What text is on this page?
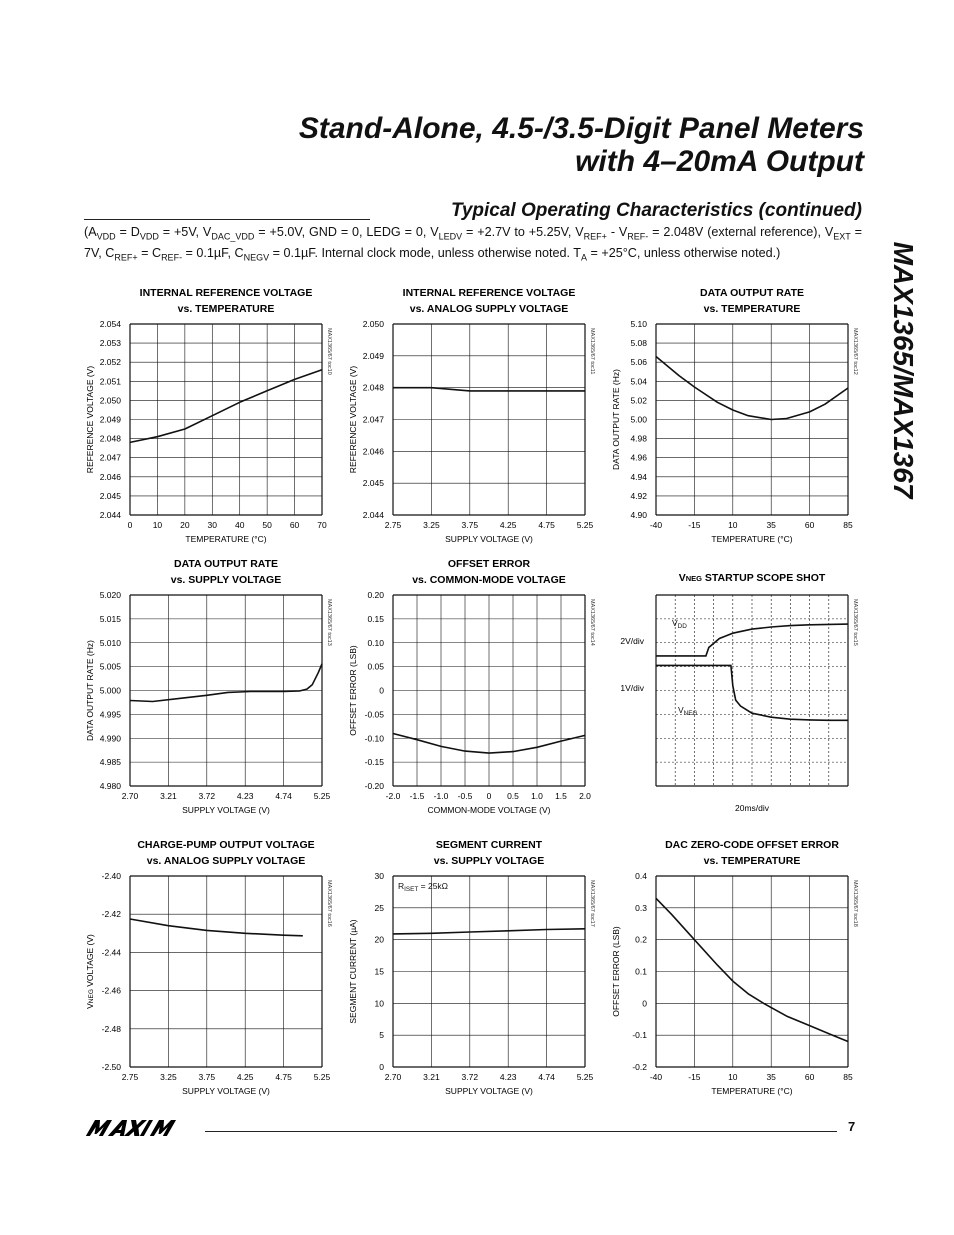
Stand-Alone, 4.5-/3.5-Digit Panel Meters
with 4–20mA Output
Typical Operating Characteristics (continued)
($A_{VDD} = D_{VDD} = +5V$, $V_{DAC\_VDD} = +5.0V$, GND = 0, LEDG = 0, $V_{LEDV} = +2.7V$ to +5.25V, $V_{REF+} - V_{REF-} = 2.048V$ (external reference), $V_{EXT} = 7V$, $C_{REF+} = C_{REF-} = 0.1\mu F$, $C_{NEGV} = 0.1\mu F$. Internal clock mode, unless otherwise noted. $T_A = +25^\circ C$, unless otherwise noted.)	MAX1365/MAX1367
INTERNAL REFERENCE VOLTAGE
vs. TEMPERATURE
MAX1365/67 toc10
0 10 20 30 40 50 60 70
2.044
2.045
2.046
2.047
2.048
2.049
2.050
2.051
2.052
2.053
2.054
TEMPERATURE (°C)
REFERENCE VOLTAGE (V)
INTERNAL REFERENCE VOLTAGE
vs. ANALOG SUPPLY VOLTAGE
MAX1365/67 toc11
2.75	3.25	3.75	4.25	4.75	5.25
2.044
2.045
2.046
2.047
2.048
2.049
2.050
SUPPLY VOLTAGE (V)
REFERENCE VOLTAGE (V)
DATA OUTPUT RATE
vs. TEMPERATURE
MAX1365/67 toc12
-40	-15	10	35	60	85
4.90
4.92
4.94
4.96
4.98
5.00
5.02
5.04
5.06
5.08
5.10
TEMPERATURE (°C)
DATA OUTPUT RATE (Hz)
DATA OUTPUT RATE
vs. SUPPLY VOLTAGE
MAX1365/67 toc13
2.70	3.21	3.72	4.23	4.74	5.25
4.980
4.985
4.990
4.995
5.000
5.005
5.010
5.015
5.020
SUPPLY VOLTAGE (V)
DATA OUTPUT RATE (Hz)
OFFSET ERROR
vs. COMMON-MODE VOLTAGE
MAX1365/67 toc14
-2.0 -1.5 -1.0 -0.5 0 0.5 1.0 1.5 2.0
-0.20
-0.15
-0.10
-0.05
0
0.05
0.10
0.15
0.20
COMMON-MODE VOLTAGE (V)
OFFSET ERROR (LSB)
VNEG STARTUP SCOPE SHOT
MAX1365/67 toc15
$V_{DD}$
$V_{NEG}$
2V/div
1V/div
20ms/div
CHARGE-PUMP OUTPUT VOLTAGE
vs. ANALOG SUPPLY VOLTAGE
MAX1365/67 toc16
2.75	3.25	3.75	4.25	4.75	5.25
-2.50
-2.48
-2.46
-2.44
-2.42
-2.40
SUPPLY VOLTAGE (V)
VNEG VOLTAGE (V)
SEGMENT CURRENT
vs. SUPPLY VOLTAGE
MAX1365/67 toc17
2.70	3.21	3.72	4.23	4.74	5.25
0
5
10
15
20
25
30
SUPPLY VOLTAGE (V)
SEGMENT CURRENT (µA)
$R_{ISET} = 25k\Omega$
DAC ZERO-CODE OFFSET ERROR
vs. TEMPERATURE
MAX1365/67 toc18
-40	-15	10	35	60	85
-0.2
-0.1
0
0.1
0.2
0.3
0.4
TEMPERATURE (°C)
OFFSET ERROR (LSB)
7
